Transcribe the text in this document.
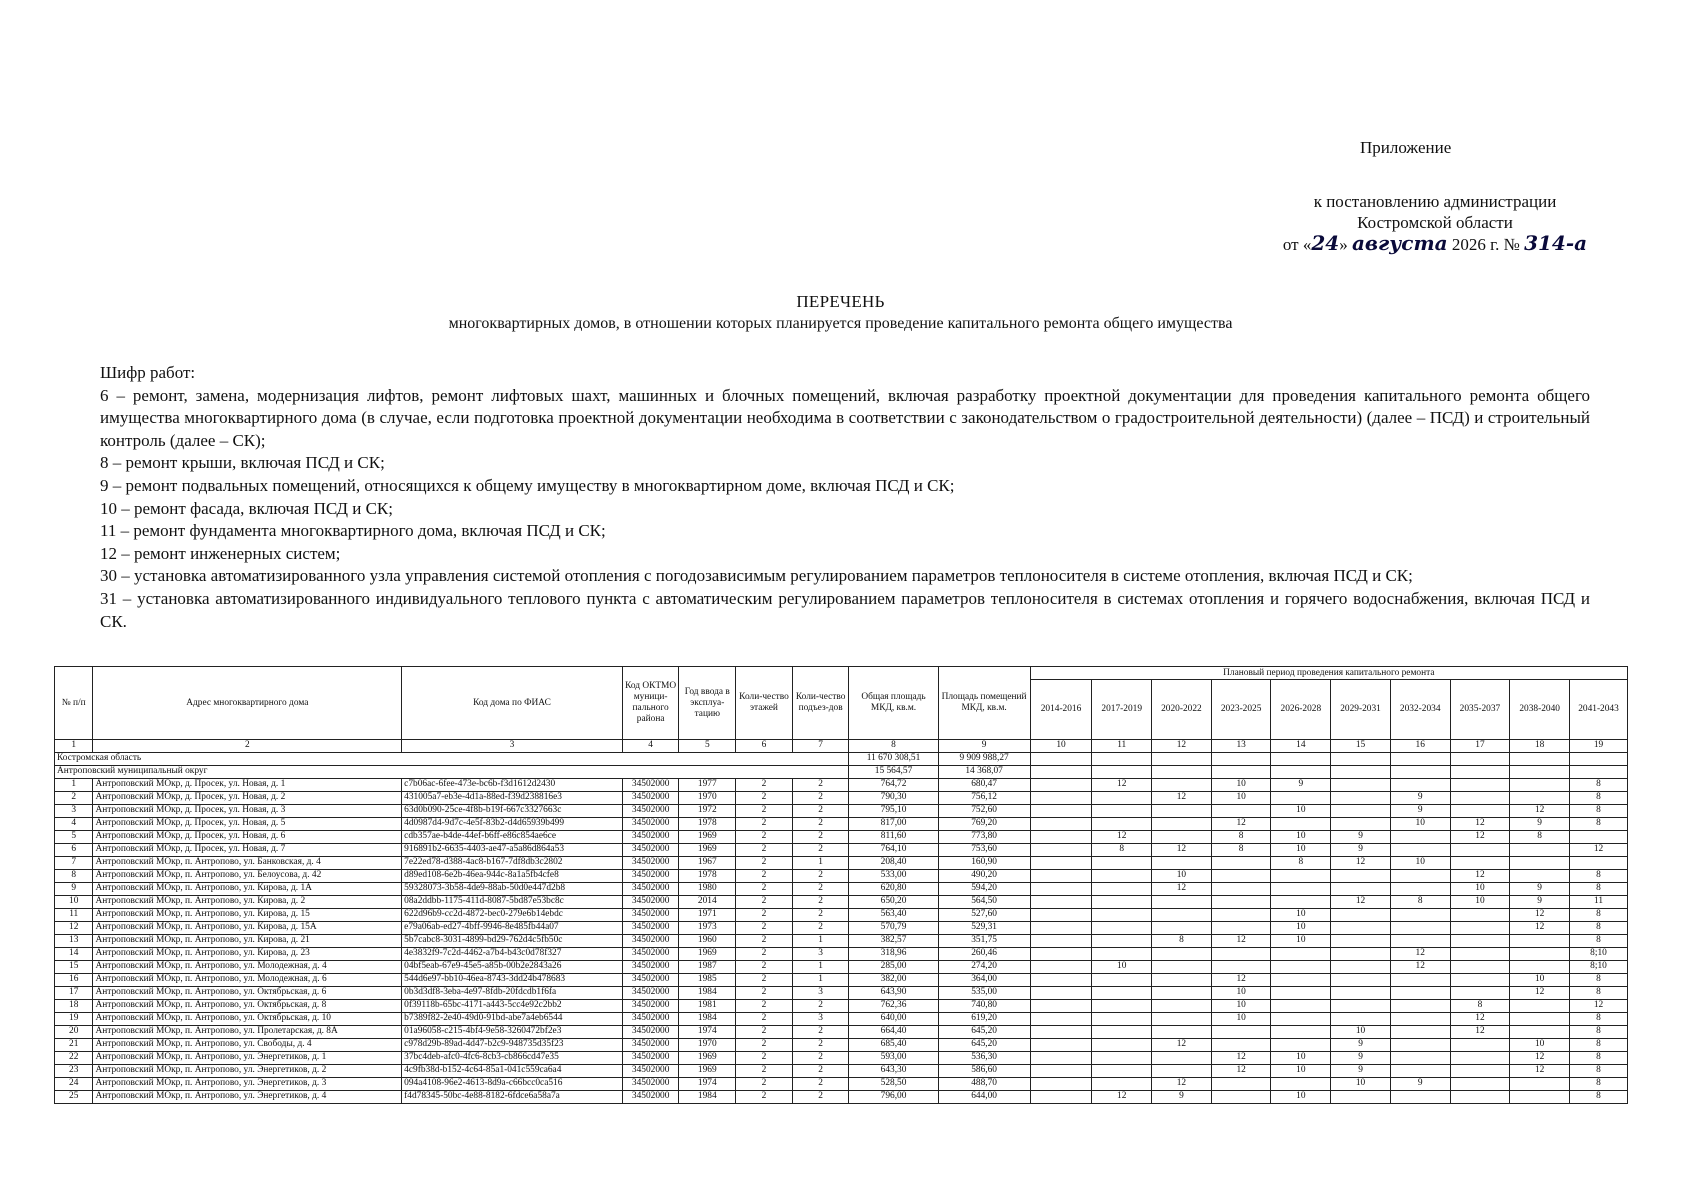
Приложение
к постановлению администрации
Костромской области
от «24» августа 2026 г. № 314-а
ПЕРЕЧЕНЬ
многоквартирных домов, в отношении которых планируется проведение капитального ремонта общего имущества

Шифр работ:

6 – ремонт, замена, модернизация лифтов, ремонт лифтовых шахт, машинных и блочных помещений, включая разработку проектной документации для проведения капитального ремонта общего имущества многоквартирного дома (в случае, если подготовка проектной документации необходима в соответствии с законодательством о градостроительной деятельности) (далее – ПСД) и строительный контроль (далее – СК);

8 – ремонт крыши, включая ПСД и СК;

9 – ремонт подвальных помещений, относящихся к общему имуществу в многоквартирном доме, включая ПСД и СК;

10 – ремонт фасада, включая ПСД и СК;

11 – ремонт фундамента многоквартирного дома, включая ПСД и СК;

12 – ремонт инженерных систем;

30 – установка автоматизированного узла управления системой отопления с погодозависимым регулированием параметров теплоносителя в системе отопления, включая ПСД и СК;

31 – установка автоматизированного индивидуального теплового пункта с автоматическим регулированием параметров теплоносителя в системах отопления и горячего водоснабжения, включая ПСД и СК.

№ п/п	Адрес многоквартирного дома	Код дома по ФИАС	Код ОКТМО муници-пального района	Год ввода в эксплуа-тацию	Коли-чество этажей	Коли-чество подъез-дов	Общая площадь МКД, кв.м.	Площадь помещений МКД, кв.м.	Плановый период проведения капитального ремонта									
									2014-2016	2017-2019	2020-2022	2023-2025	2026-2028	2029-2031	2032-2034	2035-2037	2038-2040	2041-2043
1	2	3	4	5	6	7	8	9	10	11	12	13	14	15	16	17	18	19
Костромская область							11 670 308,51	9 909 988,27										
Антроповский муниципальный округ							15 564,57	14 368,07										
1	Антроповский МОкр, д. Просек, ул. Новая, д. 1	c7b06ac-6fee-473e-bc6b-f3d1612d2430	34502000	1977	2	2	764,72	680,47		12		10	9					8
2	Антроповский МОкр, д. Просек, ул. Новая, д. 2	431005a7-eb3e-4d1a-88ed-f39d238816e3	34502000	1970	2	2	790,30	756,12			12	10			9			8
3	Антроповский МОкр, д. Просек, ул. Новая, д. 3	63d0b090-25ce-4f8b-b19f-667c3327663c	34502000	1972	2	2	795,10	752,60					10		9		12	8
4	Антроповский МОкр, д. Просек, ул. Новая, д. 5	4d0987d4-9d7c-4e5f-83b2-d4d65939b499	34502000	1978	2	2	817,00	769,20				12			10	12	9	8
5	Антроповский МОкр, д. Просек, ул. Новая, д. 6	cdb357ae-b4de-44ef-b6ff-e86c854ae6ce	34502000	1969	2	2	811,60	773,80		12		8	10	9		12	8	
6	Антроповский МОкр, д. Просек, ул. Новая, д. 7	916891b2-6635-4403-ae47-a5a86d864a53	34502000	1969	2	2	764,10	753,60		8	12	8	10	9				12
7	Антроповский МОкр, п. Антропово, ул. Банковская, д. 4	7e22ed78-d388-4ac8-b167-7df8db3c2802	34502000	1967	2	1	208,40	160,90					8	12	10			
8	Антроповский МОкр, п. Антропово, ул. Белоусова, д. 42	d89ed108-6e2b-46ea-944c-8a1a5fb4cfe8	34502000	1978	2	2	533,00	490,20			10					12		8
9	Антроповский МОкр, п. Антропово, ул. Кирова, д. 1А	59328073-3b58-4de9-88ab-50d0e447d2b8	34502000	1980	2	2	620,80	594,20			12					10	9	8
10	Антроповский МОкр, п. Антропово, ул. Кирова, д. 2	08a2ddbb-1175-411d-8087-5bd87e53bc8c	34502000	2014	2	2	650,20	564,50						12	8	10	9	11
11	Антроповский МОкр, п. Антропово, ул. Кирова, д. 15	622d96b9-cc2d-4872-bec0-279e6b14ebdc	34502000	1971	2	2	563,40	527,60					10				12	8
12	Антроповский МОкр, п. Антропово, ул. Кирова, д. 15А	e79a06ab-ed27-4bff-9946-8e485fb44a07	34502000	1973	2	2	570,79	529,31					10				12	8
13	Антроповский МОкр, п. Антропово, ул. Кирова, д. 21	5b7cabc8-3031-4899-bd29-762d4c5fb50c	34502000	1960	2	1	382,57	351,75			8	12	10					8
14	Антроповский МОкр, п. Антропово, ул. Кирова, д. 23	4e3832f9-7c2d-4462-a7b4-b43c0d78f327	34502000	1969	2	3	318,96	260,46							12			8;10
15	Антроповский МОкр, п. Антропово, ул. Молодежная, д. 4	04bf5eab-67e9-45e5-a85b-00b2e2843a26	34502000	1987	2	1	285,00	274,20		10					12			8;10
16	Антроповский МОкр, п. Антропово, ул. Молодежная, д. 6	544d6e97-bb10-46ea-8743-3dd24b478683	34502000	1985	2	1	382,00	364,00				12					10	8
17	Антроповский МОкр, п. Антропово, ул. Октябрьская, д. 6	0b3d3df8-3eba-4e97-8fdb-20fdcdb1f6fa	34502000	1984	2	3	643,90	535,00				10					12	8
18	Антроповский МОкр, п. Антропово, ул. Октябрьская, д. 8	0f39118b-65bc-4171-a443-5cc4e92c2bb2	34502000	1981	2	2	762,36	740,80				10				8		12
19	Антроповский МОкр, п. Антропово, ул. Октябрьская, д. 10	b7389f82-2e40-49d0-91bd-abe7a4eb6544	34502000	1984	2	3	640,00	619,20				10				12		8
20	Антроповский МОкр, п. Антропово, ул. Пролетарская, д. 8А	01a96058-c215-4bf4-9e58-3260472bf2e3	34502000	1974	2	2	664,40	645,20						10		12		8
21	Антроповский МОкр, п. Антропово, ул. Свободы, д. 4	c978d29b-89ad-4d47-b2c9-948735d35f23	34502000	1970	2	2	685,40	645,20			12			9			10	8
22	Антроповский МОкр, п. Антропово, ул. Энергетиков, д. 1	37bc4deb-afc0-4fc6-8cb3-cb866cd47e35	34502000	1969	2	2	593,00	536,30				12	10	9			12	8
23	Антроповский МОкр, п. Антропово, ул. Энергетиков, д. 2	4c9fb38d-b152-4c64-85a1-041c559ca6a4	34502000	1969	2	2	643,30	586,60				12	10	9			12	8
24	Антроповский МОкр, п. Антропово, ул. Энергетиков, д. 3	094a4108-96e2-4613-8d9a-c66bcc0ca516	34502000	1974	2	2	528,50	488,70			12			10	9			8
25	Антроповский МОкр, п. Антропово, ул. Энергетиков, д. 4	f4d78345-50bc-4e88-8182-6fdce6a58a7a	34502000	1984	2	2	796,00	644,00		12	9		10					8
